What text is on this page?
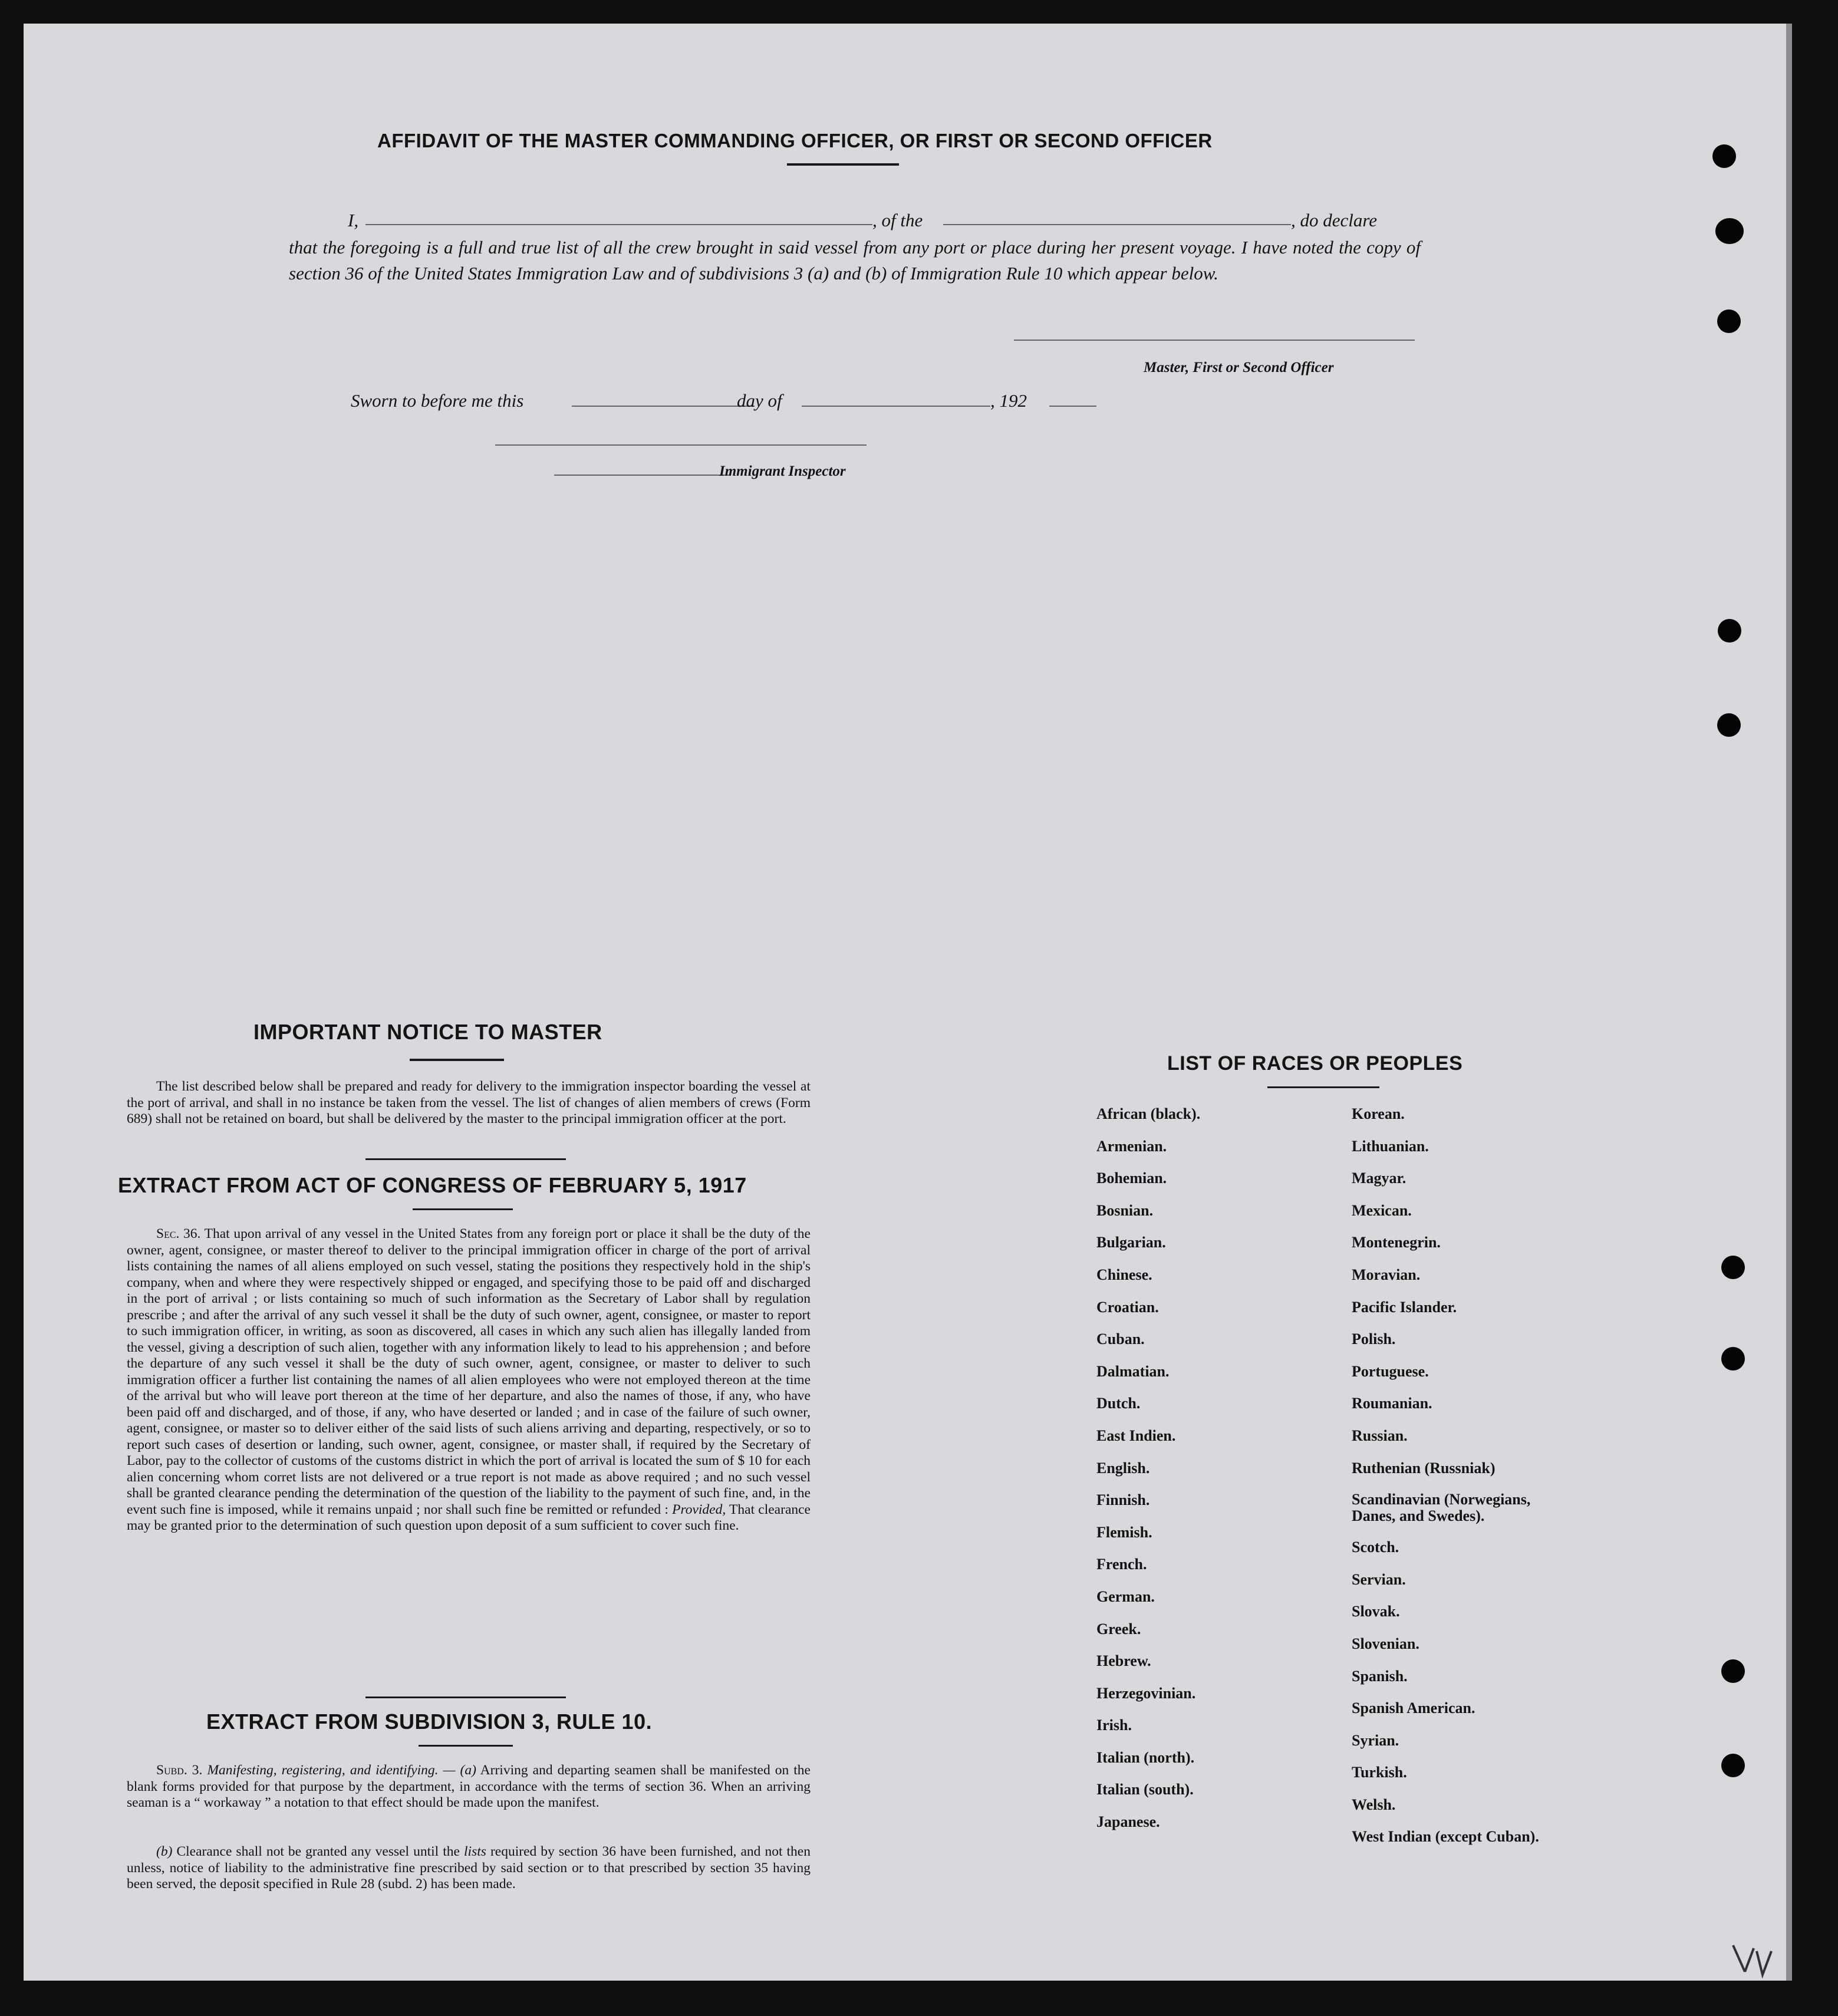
AFFIDAVIT OF THE MASTER COMMANDING OFFICER, OR FIRST OR SECOND OFFICER
I,	, of the	, do declare
that the foregoing is a full and true list of all the crew brought in said vessel from any port or place during her present voyage. I have noted the copy of section 36 of the United States Immigration Law and of subdivisions 3 (a) and (b) of Immigration Rule 10 which appear below.
Master, First or Second Officer
Sworn to before me this	day of	, 192
Immigrant Inspector
IMPORTANT NOTICE TO MASTER

The list described below shall be prepared and ready for delivery to the immigration inspector boarding the vessel at the port of arrival, and shall in no instance be taken from the vessel. The list of changes of alien members of crews (Form 689) shall not be retained on board, but shall be delivered by the master to the principal immigration officer at the port.

EXTRACT FROM ACT OF CONGRESS OF FEBRUARY 5, 1917

Sec. 36. That upon arrival of any vessel in the United States from any foreign port or place it shall be the duty of the owner, agent, consignee, or master thereof to deliver to the principal immigration officer in charge of the port of arrival lists containing the names of all aliens employed on such vessel, stating the positions they respectively hold in the ship's company, when and where they were respectively shipped or engaged, and specifying those to be paid off and discharged in the port of arrival ; or lists containing so much of such information as the Secretary of Labor shall by regulation prescribe ; and after the arrival of any such vessel it shall be the duty of such owner, agent, consignee, or master to report to such immigration officer, in writing, as soon as discovered, all cases in which any such alien has illegally landed from the vessel, giving a description of such alien, together with any information likely to lead to his apprehension ; and before the departure of any such vessel it shall be the duty of such owner, agent, consignee, or master to deliver to such immigration officer a further list containing the names of all alien employees who were not employed thereon at the time of the arrival but who will leave port thereon at the time of her departure, and also the names of those, if any, who have been paid off and discharged, and of those, if any, who have deserted or landed ; and in case of the failure of such owner, agent, consignee, or master so to deliver either of the said lists of such aliens arriving and departing, respectively, or so to report such cases of desertion or landing, such owner, agent, consignee, or master shall, if required by the Secretary of Labor, pay to the collector of customs of the customs district in which the port of arrival is located the sum of $ 10 for each alien concerning whom corret lists are not delivered or a true report is not made as above required ; and no such vessel shall be granted clearance pending the determination of the question of the liability to the payment of such fine, and, in the event such fine is imposed, while it remains unpaid ; nor shall such fine be remitted or refunded : Provided, That clearance may be granted prior to the determination of such question upon deposit of a sum sufficient to cover such fine.

EXTRACT FROM SUBDIVISION 3, RULE 10.

Subd. 3. Manifesting, registering, and identifying. — (a) Arriving and departing seamen shall be manifested on the blank forms provided for that purpose by the department, in accordance with the terms of section 36. When an arriving seaman is a “ workaway ” a notation to that effect should be made upon the manifest.

(b) Clearance shall not be granted any vessel until the lists required by section 36 have been furnished, and not then unless, notice of liability to the administrative fine prescribed by said section or to that prescribed by section 35 having been served, the deposit specified in Rule 28 (subd. 2) has been made.

LIST OF RACES OR PEOPLES
African (black).
Armenian.
Bohemian.
Bosnian.
Bulgarian.
Chinese.
Croatian.
Cuban.
Dalmatian.
Dutch.
East Indien.
English.
Finnish.
Flemish.
French.
German.
Greek.
Hebrew.
Herzegovinian.
Irish.
Italian (north).
Italian (south).
Japanese.
Korean.
Lithuanian.
Magyar.
Mexican.
Montenegrin.
Moravian.
Pacific Islander.
Polish.
Portuguese.
Roumanian.
Russian.
Ruthenian (Russniak)
Scandinavian (Norwegians, Danes, and Swedes).
Scotch.
Servian.
Slovak.
Slovenian.
Spanish.
Spanish American.
Syrian.
Turkish.
Welsh.
West Indian (except Cuban).
